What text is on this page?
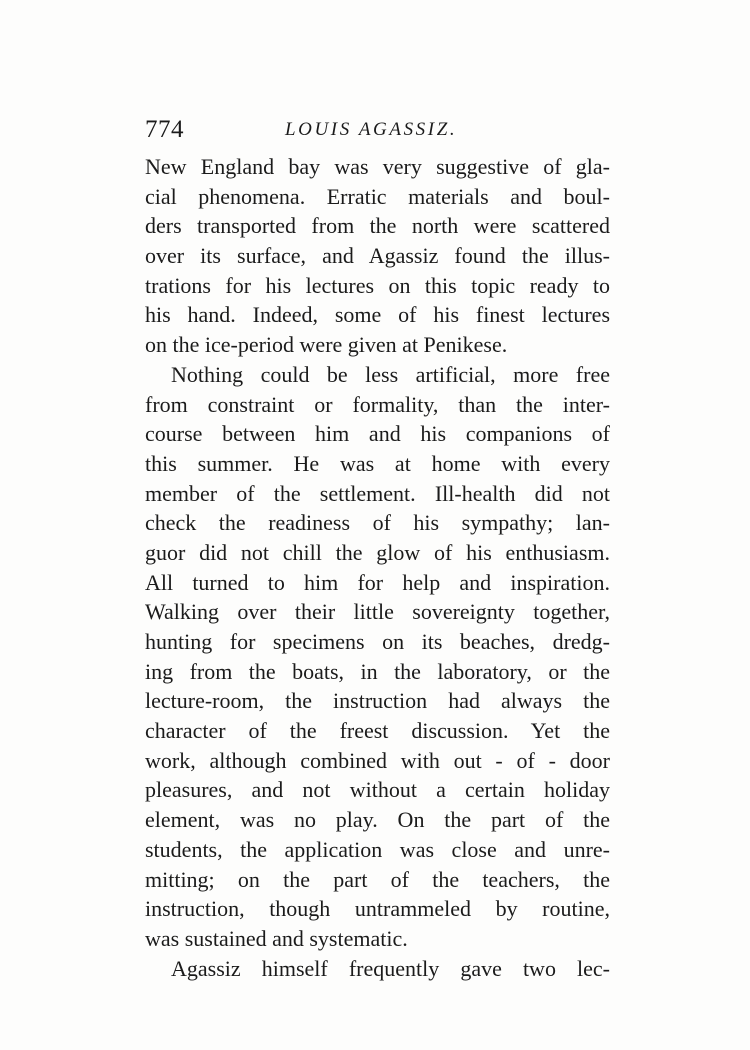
774	LOUIS AGASSIZ.
New England bay was very suggestive of gla-
cial phenomena. Erratic materials and boul-
ders transported from the north were scattered
over its surface, and Agassiz found the illus-
trations for his lectures on this topic ready to
his hand. Indeed, some of his finest lectures
on the ice-period were given at Penikese.
Nothing could be less artificial, more free
from constraint or formality, than the inter-
course between him and his companions of
this summer. He was at home with every
member of the settlement. Ill-health did not
check the readiness of his sympathy; lan-
guor did not chill the glow of his enthusiasm.
All turned to him for help and inspiration.
Walking over their little sovereignty together,
hunting for specimens on its beaches, dredg-
ing from the boats, in the laboratory, or the
lecture-room, the instruction had always the
character of the freest discussion. Yet the
work, although combined with out - of - door
pleasures, and not without a certain holiday
element, was no play. On the part of the
students, the application was close and unre-
mitting; on the part of the teachers, the
instruction, though untrammeled by routine,
was sustained and systematic.
Agassiz himself frequently gave two lec-
